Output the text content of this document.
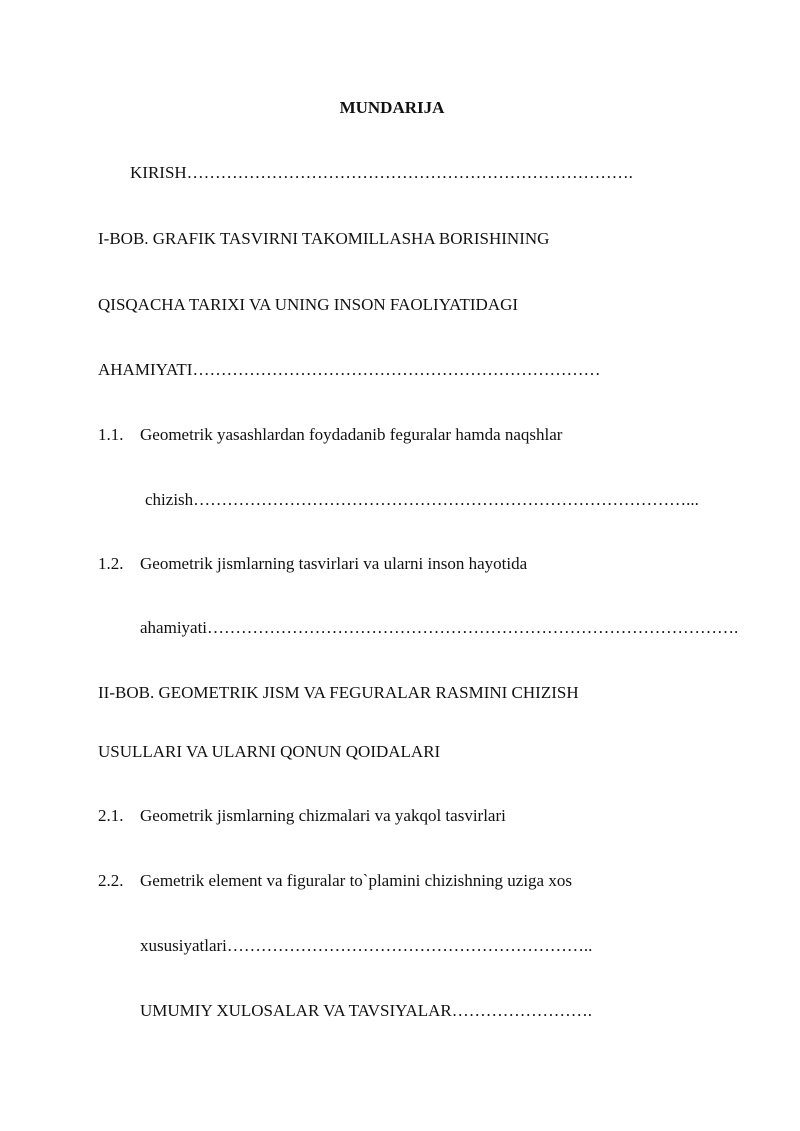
MUNDARIJA
KIRISH…………………………………………………………………….
I-BOB. GRAFIK TASVIRNI TAKOMILLASHA BORISHINING
QISQACHA TARIXI VA UNING INSON FAOLIYATIDAGI
AHAMIYATI………………………………………………………………
1.1. Geometrik yasashlardan foydadanib feguralar hamda naqshlar
chizish……………………………………………………………………………...
1.2. Geometrik jismlarning tasvirlari va ularni inson hayotida
ahamiyati………………………………………………………………………………….
II-BOB. GEOMETRIK JISM VA FEGURALAR RASMINI CHIZISH
USULLARI VA ULARNI QONUN QOIDALARI
2.1. Geometrik jismlarning chizmalari va yakqol tasvirlari
2.2. Gemetrik element va figuralar to`plamini chizishning uziga xos
xususiyatlari………………………………………………………..
UMUMIY XULOSALAR VA TAVSIYALAR…………………….
